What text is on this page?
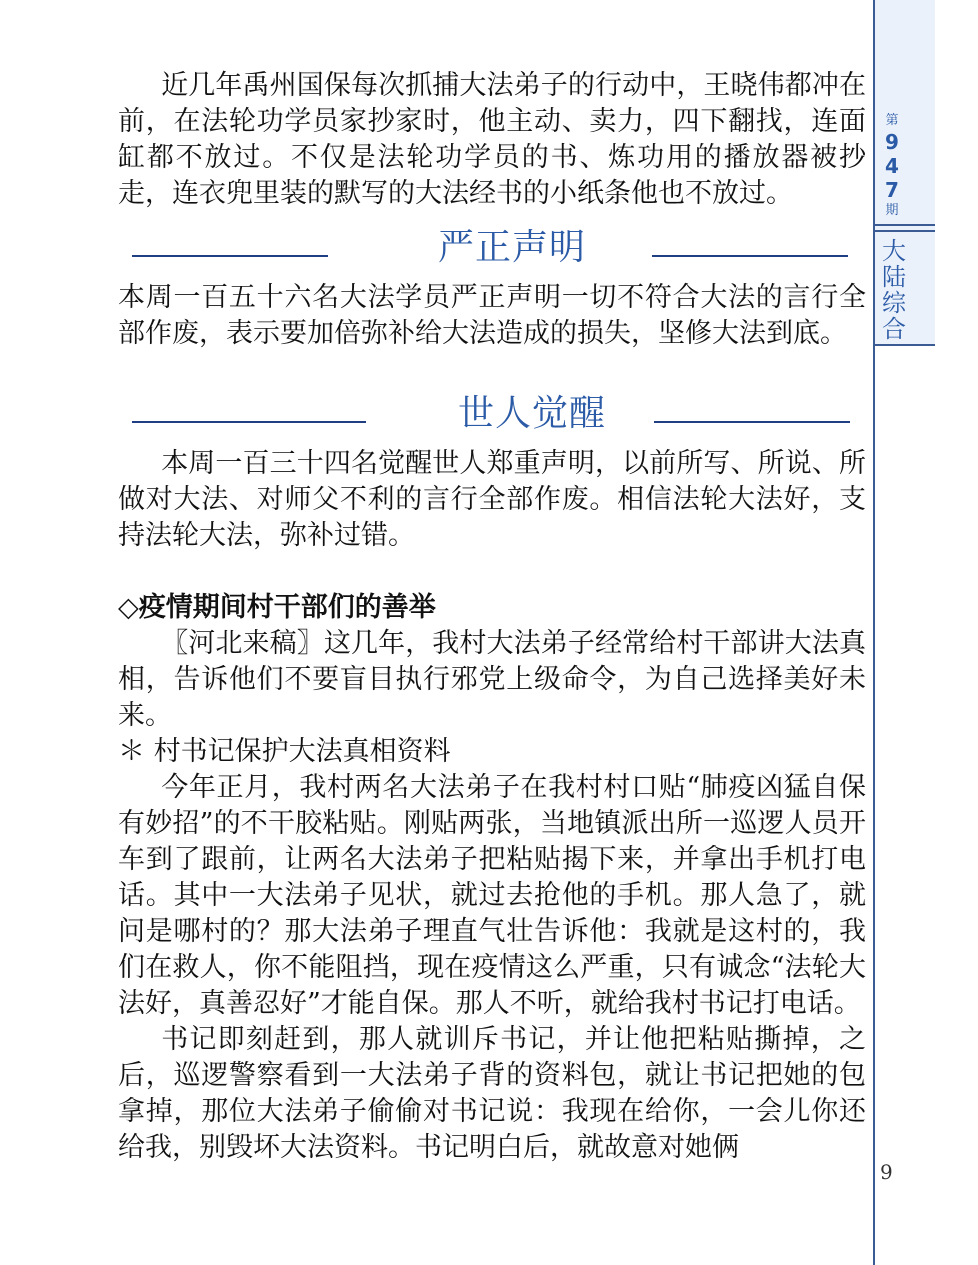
近几年禹州国保每次抓捕大法弟子的行动中，王晓伟都冲在前，在法轮功学员家抄家时，他主动、卖力，四下翻找，连面缸都不放过。不仅是法轮功学员的书、炼功用的播放器被抄走，连衣兜里装的默写的大法经书的小纸条他也不放过。

严正声明

本周一百五十六名大法学员严正声明一切不符合大法的言行全部作废，表示要加倍弥补给大法造成的损失，坚修大法到底。

世人觉醒

本周一百三十四名觉醒世人郑重声明，以前所写、所说、所做对大法、对师父不利的言行全部作废。相信法轮大法好，支持法轮大法，弥补过错。

◇疫情期间村干部们的善举

〖河北来稿〗这几年，我村大法弟子经常给村干部讲大法真相，告诉他们不要盲目执行邪党上级命令，为自己选择美好未来。

＊ 村书记保护大法真相资料

今年正月，我村两名大法弟子在我村村口贴“肺疫凶猛自保有妙招”的不干胶粘贴。刚贴两张，当地镇派出所一巡逻人员开车到了跟前，让两名大法弟子把粘贴揭下来，并拿出手机打电话。其中一大法弟子见状，就过去抢他的手机。那人急了，就问是哪村的？那大法弟子理直气壮告诉他：我就是这村的，我们在救人，你不能阻挡，现在疫情这么严重，只有诚念“法轮大法好，真善忍好”才能自保。那人不听，就给我村书记打电话。

书记即刻赶到，那人就训斥书记，并让他把粘贴撕掉，之后，巡逻警察看到一大法弟子背的资料包，就让书记把她的包拿掉，那位大法弟子偷偷对书记说：我现在给你，一会儿你还给我，别毁坏大法资料。书记明白后，就故意对她俩

第
9
4
7
期
大
陆
综
合
9
